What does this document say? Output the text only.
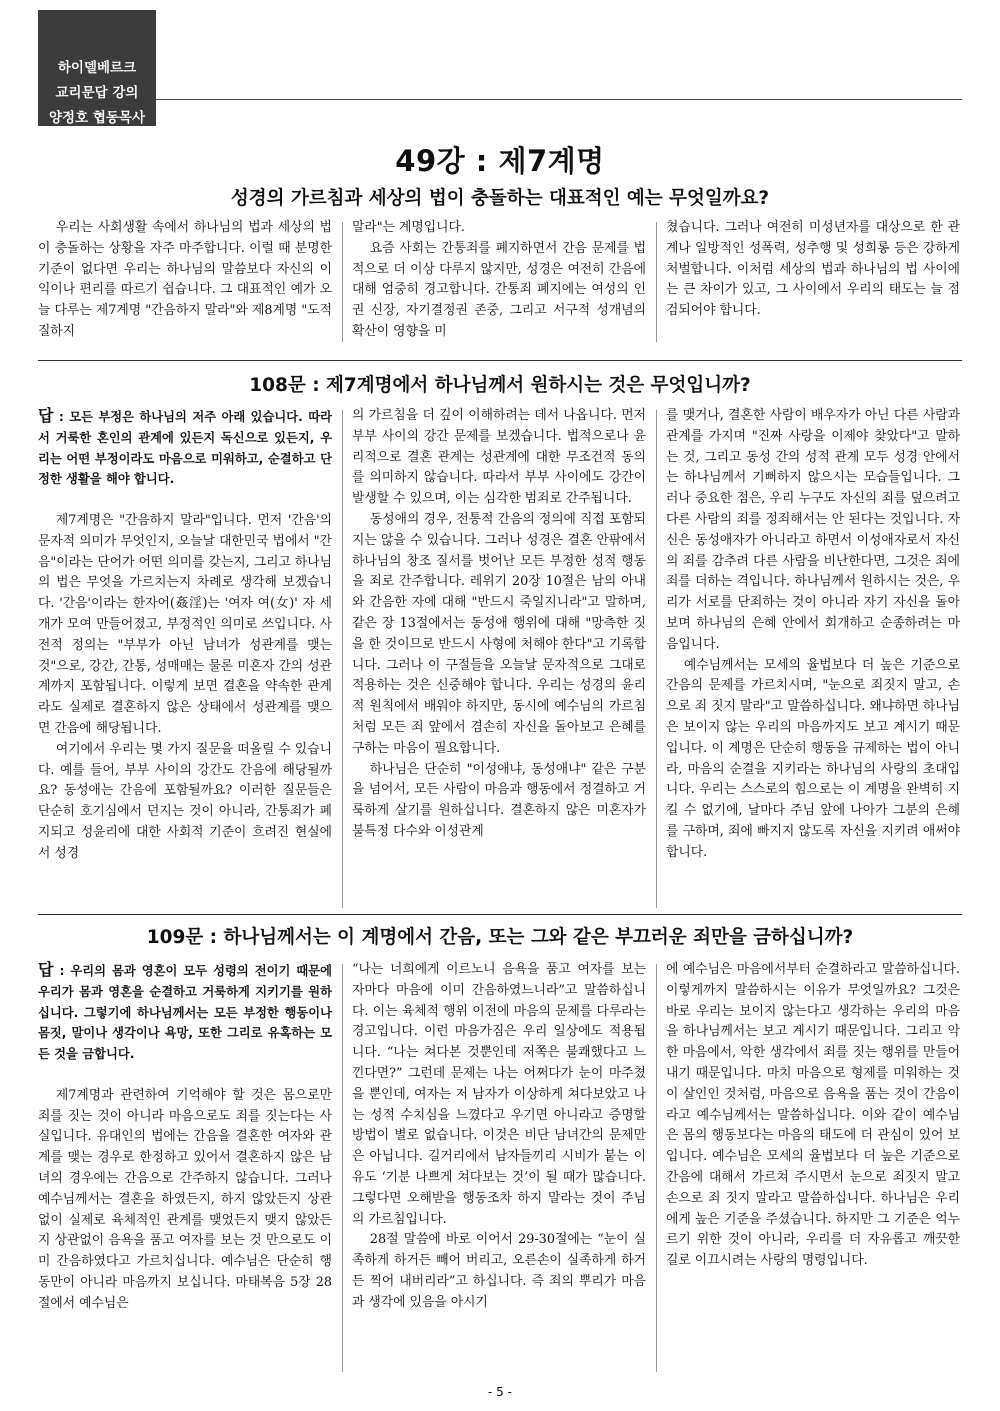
하이델베르크
교리문답 강의
양정호 협동목사
49강 : 제7계명
성경의 가르침과 세상의 법이 충돌하는 대표적인 예는 무엇일까요?

우리는 사회생활 속에서 하나님의 법과 세상의 법이 충돌하는 상황을 자주 마주합니다. 이럴 때 분명한 기준이 없다면 우리는 하나님의 말씀보다 자신의 이익이나 편리를 따르기 쉽습니다. 그 대표적인 예가 오늘 다루는 제7계명 "간음하지 말라"와 제8계명 "도적질하지

말라"는 계명입니다.

요즘 사회는 간통죄를 폐지하면서 간음 문제를 법적으로 더 이상 다루지 않지만, 성경은 여전히 간음에 대해 엄중히 경고합니다. 간통죄 폐지에는 여성의 인권 신장, 자기결정권 존중, 그리고 서구적 성개념의 확산이 영향을 미

쳤습니다. 그러나 여전히 미성년자를 대상으로 한 관계나 일방적인 성폭력, 성추행 및 성희롱 등은 강하게 처벌합니다. 이처럼 세상의 법과 하나님의 법 사이에는 큰 차이가 있고, 그 사이에서 우리의 태도는 늘 점검되어야 합니다.

108문 : 제7계명에서 하나님께서 원하시는 것은 무엇입니까?

답 : 모든 부정은 하나님의 저주 아래 있습니다. 따라서 거룩한 혼인의 관계에 있든지 독신으로 있든지, 우리는 어떤 부정이라도 마음으로 미워하고, 순결하고 단정한 생활을 해야 합니다.

제7계명은 "간음하지 말라"입니다. 먼저 '간음'의 문자적 의미가 무엇인지, 오늘날 대한민국 법에서 "간음"이라는 단어가 어떤 의미를 갖는지, 그리고 하나님의 법은 무엇을 가르치는지 차례로 생각해 보겠습니다. '간음'이라는 한자어(姦淫)는 '여자 여(女)' 자 세 개가 모여 만들어졌고, 부정적인 의미로 쓰입니다. 사전적 정의는 "부부가 아닌 남녀가 성관계를 맺는 것"으로, 강간, 간통, 성매매는 물론 미혼자 간의 성관계까지 포함됩니다. 이렇게 보면 결혼을 약속한 관계라도 실제로 결혼하지 않은 상태에서 성관계를 맺으면 간음에 해당됩니다.

여기에서 우리는 몇 가지 질문을 떠올릴 수 있습니다. 예를 들어, 부부 사이의 강간도 간음에 해당될까요? 동성애는 간음에 포함될까요? 이러한 질문들은 단순히 호기심에서 던지는 것이 아니라, 간통죄가 폐지되고 성윤리에 대한 사회적 기준이 흐려진 현실에서 성경

의 가르침을 더 깊이 이해하려는 데서 나옵니다. 먼저 부부 사이의 강간 문제를 보겠습니다. 법적으로나 윤리적으로 결혼 관계는 성관계에 대한 무조건적 동의를 의미하지 않습니다. 따라서 부부 사이에도 강간이 발생할 수 있으며, 이는 심각한 범죄로 간주됩니다.

동성애의 경우, 전통적 간음의 정의에 직접 포함되지는 않을 수 있습니다. 그러나 성경은 결혼 안팎에서 하나님의 창조 질서를 벗어난 모든 부정한 성적 행동을 죄로 간주합니다. 레위기 20장 10절은 남의 아내와 간음한 자에 대해 "반드시 죽일지니라"고 말하며, 같은 장 13절에서는 동성애 행위에 대해 "망측한 짓을 한 것이므로 반드시 사형에 처해야 한다"고 기록합니다. 그러나 이 구절들을 오늘날 문자적으로 그대로 적용하는 것은 신중해야 합니다. 우리는 성경의 윤리적 원칙에서 배워야 하지만, 동시에 예수님의 가르침처럼 모든 죄 앞에서 겸손히 자신을 돌아보고 은혜를 구하는 마음이 필요합니다.

하나님은 단순히 "이성애냐, 동성애냐" 같은 구분을 넘어서, 모든 사람이 마음과 행동에서 정결하고 거룩하게 살기를 원하십니다. 결혼하지 않은 미혼자가 불특정 다수와 이성관계

를 맺거나, 결혼한 사람이 배우자가 아닌 다른 사람과 관계를 가지며 "진짜 사랑을 이제야 찾았다"고 말하는 것, 그리고 동성 간의 성적 관계 모두 성경 안에서는 하나님께서 기뻐하지 않으시는 모습들입니다. 그러나 중요한 점은, 우리 누구도 자신의 죄를 덮으려고 다른 사람의 죄를 정죄해서는 안 된다는 것입니다. 자신은 동성애자가 아니라고 하면서 이성애자로서 자신의 죄를 감추려 다른 사람을 비난한다면, 그것은 죄에 죄를 더하는 격입니다. 하나님께서 원하시는 것은, 우리가 서로를 단죄하는 것이 아니라 자기 자신을 돌아보며 하나님의 은혜 안에서 회개하고 순종하려는 마음입니다.

예수님께서는 모세의 율법보다 더 높은 기준으로 간음의 문제를 가르치시며, "눈으로 죄짓지 말고, 손으로 죄 짓지 말라"고 말씀하십니다. 왜냐하면 하나님은 보이지 않는 우리의 마음까지도 보고 계시기 때문입니다. 이 계명은 단순히 행동을 규제하는 법이 아니라, 마음의 순결을 지키라는 하나님의 사랑의 초대입니다. 우리는 스스로의 힘으로는 이 계명을 완벽히 지킬 수 없기에, 날마다 주님 앞에 나아가 그분의 은혜를 구하며, 죄에 빠지지 않도록 자신을 지키려 애써야 합니다.

109문 : 하나님께서는 이 계명에서 간음, 또는 그와 같은 부끄러운 죄만을 금하십니까?

답 : 우리의 몸과 영혼이 모두 성령의 전이기 때문에 우리가 몸과 영혼을 순결하고 거룩하게 지키기를 원하십니다. 그렇기에 하나님께서는 모든 부정한 행동이나 몸짓, 말이나 생각이나 욕망, 또한 그리로 유혹하는 모든 것을 금합니다.

제7계명과 관련하여 기억해야 할 것은 몸으로만 죄를 짓는 것이 아니라 마음으로도 죄를 짓는다는 사실입니다. 유대인의 법에는 간음을 결혼한 여자와 관계를 맺는 경우로 한정하고 있어서 결혼하지 않은 남녀의 경우에는 간음으로 간주하지 않습니다. 그러나 예수님께서는 결혼을 하였든지, 하지 않았든지 상관없이 실제로 육체적인 관계를 맺었든지 맺지 않았든지 상관없이 음욕을 품고 여자를 보는 것 만으로도 이미 간음하였다고 가르치십니다. 예수님은 단순히 행동만이 아니라 마음까지 보십니다. 마태복음 5장 28절에서 예수님은

“나는 너희에게 이르노니 음욕을 품고 여자를 보는 자마다 마음에 이미 간음하였느니라”고 말씀하십니다. 이는 육체적 행위 이전에 마음의 문제를 다루라는 경고입니다. 이런 마음가짐은 우리 일상에도 적용됩니다. “나는 쳐다본 것뿐인데 저쪽은 불쾌했다고 느낀다면?” 그런데 문제는 나는 어쩌다가 눈이 마주쳤을 뿐인데, 여자는 저 남자가 이상하게 쳐다보았고 나는 성적 수치심을 느꼈다고 우기면 아니라고 증명할 방법이 별로 없습니다. 이것은 비단 남녀간의 문제만은 아닙니다. 길거리에서 남자들끼리 시비가 붙는 이유도 ‘기분 나쁘게 쳐다보는 것’이 될 때가 많습니다. 그렇다면 오해받을 행동조차 하지 말라는 것이 주님의 가르침입니다.

28절 말씀에 바로 이어서 29-30절에는 “눈이 실족하게 하거든 빼어 버리고, 오른손이 실족하게 하거든 찍어 내버리라”고 하십니다. 즉 죄의 뿌리가 마음과 생각에 있음을 아시기

에 예수님은 마음에서부터 순결하라고 말씀하십니다. 이렇게까지 말씀하시는 이유가 무엇일까요? 그것은 바로 우리는 보이지 않는다고 생각하는 우리의 마음을 하나님께서는 보고 계시기 때문입니다. 그리고 악한 마음에서, 악한 생각에서 죄를 짓는 행위를 만들어내기 때문입니다. 마치 마음으로 형제를 미워하는 것이 살인인 것처럼, 마음으로 음욕을 품는 것이 간음이라고 예수님께서는 말씀하십니다. 이와 같이 예수님은 몸의 행동보다는 마음의 태도에 더 관심이 있어 보입니다. 예수님은 모세의 율법보다 더 높은 기준으로 간음에 대해서 가르쳐 주시면서 눈으로 죄짓지 말고 손으로 죄 짓지 말라고 말씀하십니다. 하나님은 우리에게 높은 기준을 주셨습니다. 하지만 그 기준은 억누르기 위한 것이 아니라, 우리를 더 자유롭고 깨끗한 길로 이끄시려는 사랑의 명령입니다.

- 5 -
